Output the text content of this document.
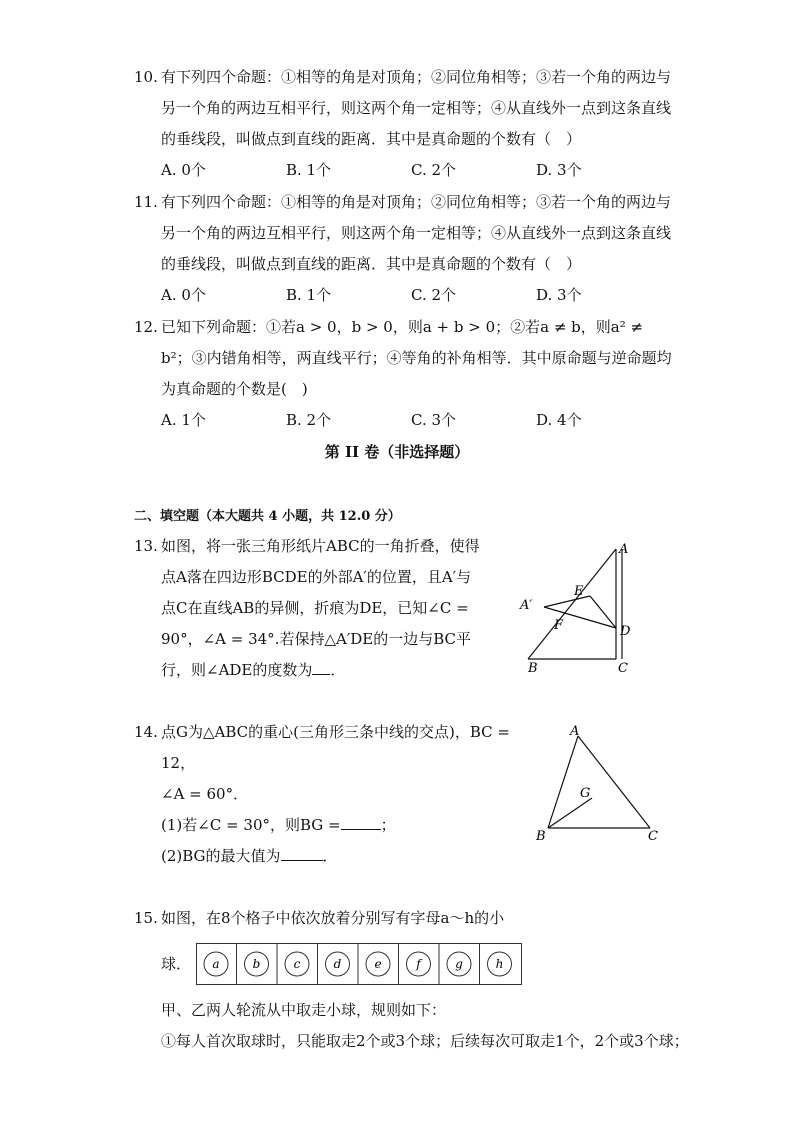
10. 有下列四个命题：①相等的角是对顶角；②同位角相等；③若一个角的两边与另一个角的两边互相平行，则这两个角一定相等；④从直线外一点到这条直线的垂线段，叫做点到直线的距离．其中是真命题的个数有（　）
A. 0个	B. 1个	C. 2个	D. 3个
11. 有下列四个命题：①相等的角是对顶角；②同位角相等；③若一个角的两边与另一个角的两边互相平行，则这两个角一定相等；④从直线外一点到这条直线的垂线段，叫做点到直线的距离．其中是真命题的个数有（　）
A. 0个	B. 1个	C. 2个	D. 3个
12. 已知下列命题：①若a > 0，b > 0，则a + b > 0；②若a ≠ b，则a² ≠ b²；③内错角相等，两直线平行；④等角的补角相等．其中原命题与逆命题均为真命题的个数是(　)
A. 1个	B. 2个	C. 3个	D. 4个
第 II 卷（非选择题）
二、填空题（本大题共 4 小题，共 12.0 分）
13. 如图，将一张三角形纸片ABC的一角折叠，使得点A落在四边形BCDE的外部A′的位置，且A′与点C在直线AB的异侧，折痕为DE，已知∠C = 90°，∠A = 34°.若保持△A′DE的一边与BC平行，则∠ADE的度数为 ．
A
E
A′
F	D
B	C
14. 点G为△ABC的重心(三角形三条中线的交点)，BC = 12，
∠A = 60°．
(1)若∠C = 30°，则BG =	；
(2)BG的最大值为	．
A
G
B	C
15. 如图，在8个格子中依次放着分别写有字母a～h的小
球． a	b	c	d	e	f	g	h
甲、乙两人轮流从中取走小球，规则如下：
①每人首次取球时，只能取走2个或3个球；后续每次可取走1个，2个或3个球；
